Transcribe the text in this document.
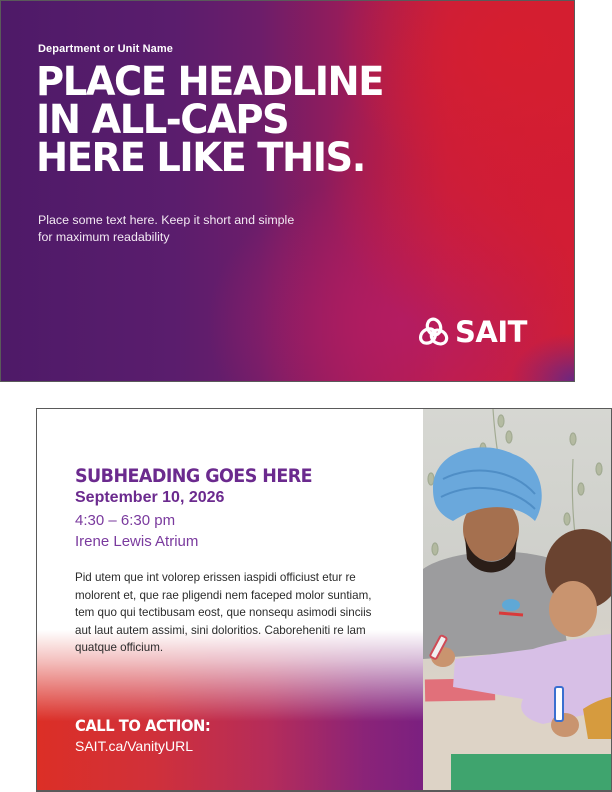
Department or Unit Name
PLACE HEADLINE
IN ALL-CAPS
HERE LIKE THIS.
Place some text here. Keep it short and simple for maximum readability
SAIT
SUBHEADING GOES HERE
September 10, 2026
4:30 – 6:30 pm
Irene Lewis Atrium
Pid utem que int volorep erissen iaspidi officiust etur re molorent et, que rae pligendi nem faceped molor suntiam, tem quo qui tectibusam eost, que nonsequ asimodi sinciis aut laut autem assimi, sini doloritios. Caboreheniti re lam quatque officium.
CALL TO ACTION:
SAIT.ca/VanityURL
